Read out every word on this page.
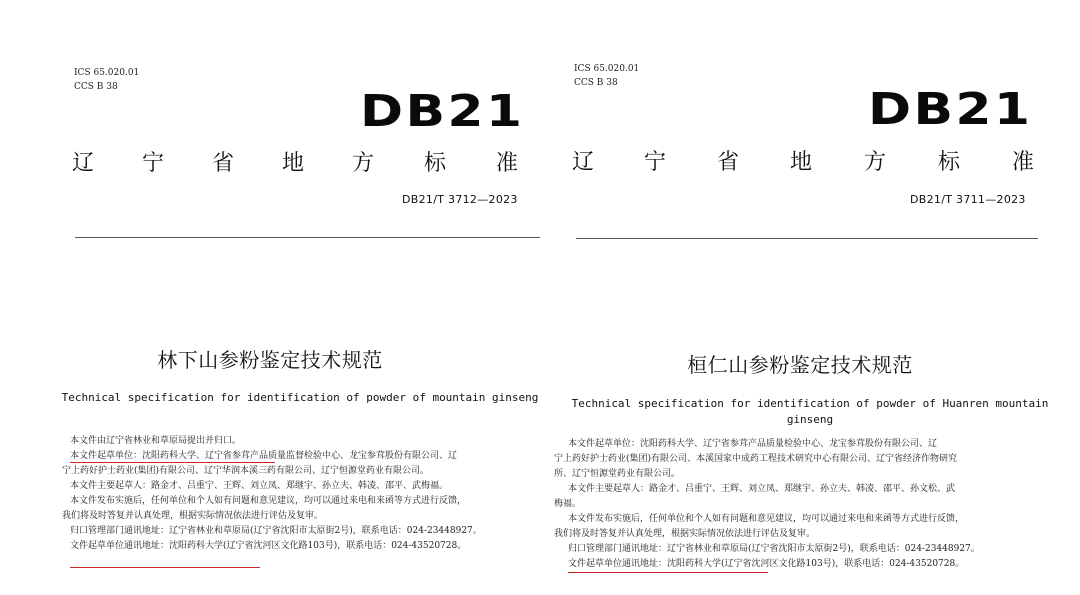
ICS 65.020.01
CCS B 38	DB21
辽 宁 省 地 方 标 准
DB21/T 3712—2023
林下山参粉鉴定技术规范
Technical specification for identification of powder of mountain ginseng

本文件由辽宁省林业和草原局提出并归口。

本文件起草单位：沈阳药科大学、辽宁省参茸产品质量监督检验中心、龙宝参茸股份有限公司、辽

宁上药好护士药业(集团)有限公司、辽宁华润本溪三药有限公司、辽宁恒源堂药业有限公司。

本文件主要起草人：路金才、吕重宁、王辉、刘立凤、郑继宇、孙立夫、韩凌、邵平、武梅福。

本文件发布实施后，任何单位和个人如有问题和意见建议，均可以通过来电和来函等方式进行反馈，

我们将及时答复并认真处理，根据实际情况依法进行评估及复审。

归口管理部门通讯地址：辽宁省林业和草原局(辽宁省沈阳市太原街2号)，联系电话：024-23448927。

文件起草单位通讯地址：沈阳药科大学(辽宁省沈河区文化路103号)，联系电话：024-43520728。

ICS 65.020.01
CCS B 38
DB21
辽 宁 省 地 方 标 准
DB21/T 3711—2023
桓仁山参粉鉴定技术规范
Technical specification for identification of powder of Huanren mountain
ginseng

本文件起草单位：沈阳药科大学、辽宁省参茸产品质量检验中心、龙宝参茸股份有限公司、辽

宁上药好护士药业(集团)有限公司、本溪国家中成药工程技术研究中心有限公司、辽宁省经济作物研究

所、辽宁恒源堂药业有限公司。

本文件主要起草人：路金才、吕重宁、王辉、刘立凤、郑继宇、孙立夫、韩凌、邵平、孙文松、武

梅福。

本文件发布实施后，任何单位和个人如有问题和意见建议，均可以通过来电和来函等方式进行反馈，

我们将及时答复并认真处理，根据实际情况依法进行评估及复审。

归口管理部门通讯地址：辽宁省林业和草原局(辽宁省沈阳市太原街2号)，联系电话：024-23448927。

文件起草单位通讯地址：沈阳药科大学(辽宁省沈河区文化路103号)，联系电话：024-43520728。
